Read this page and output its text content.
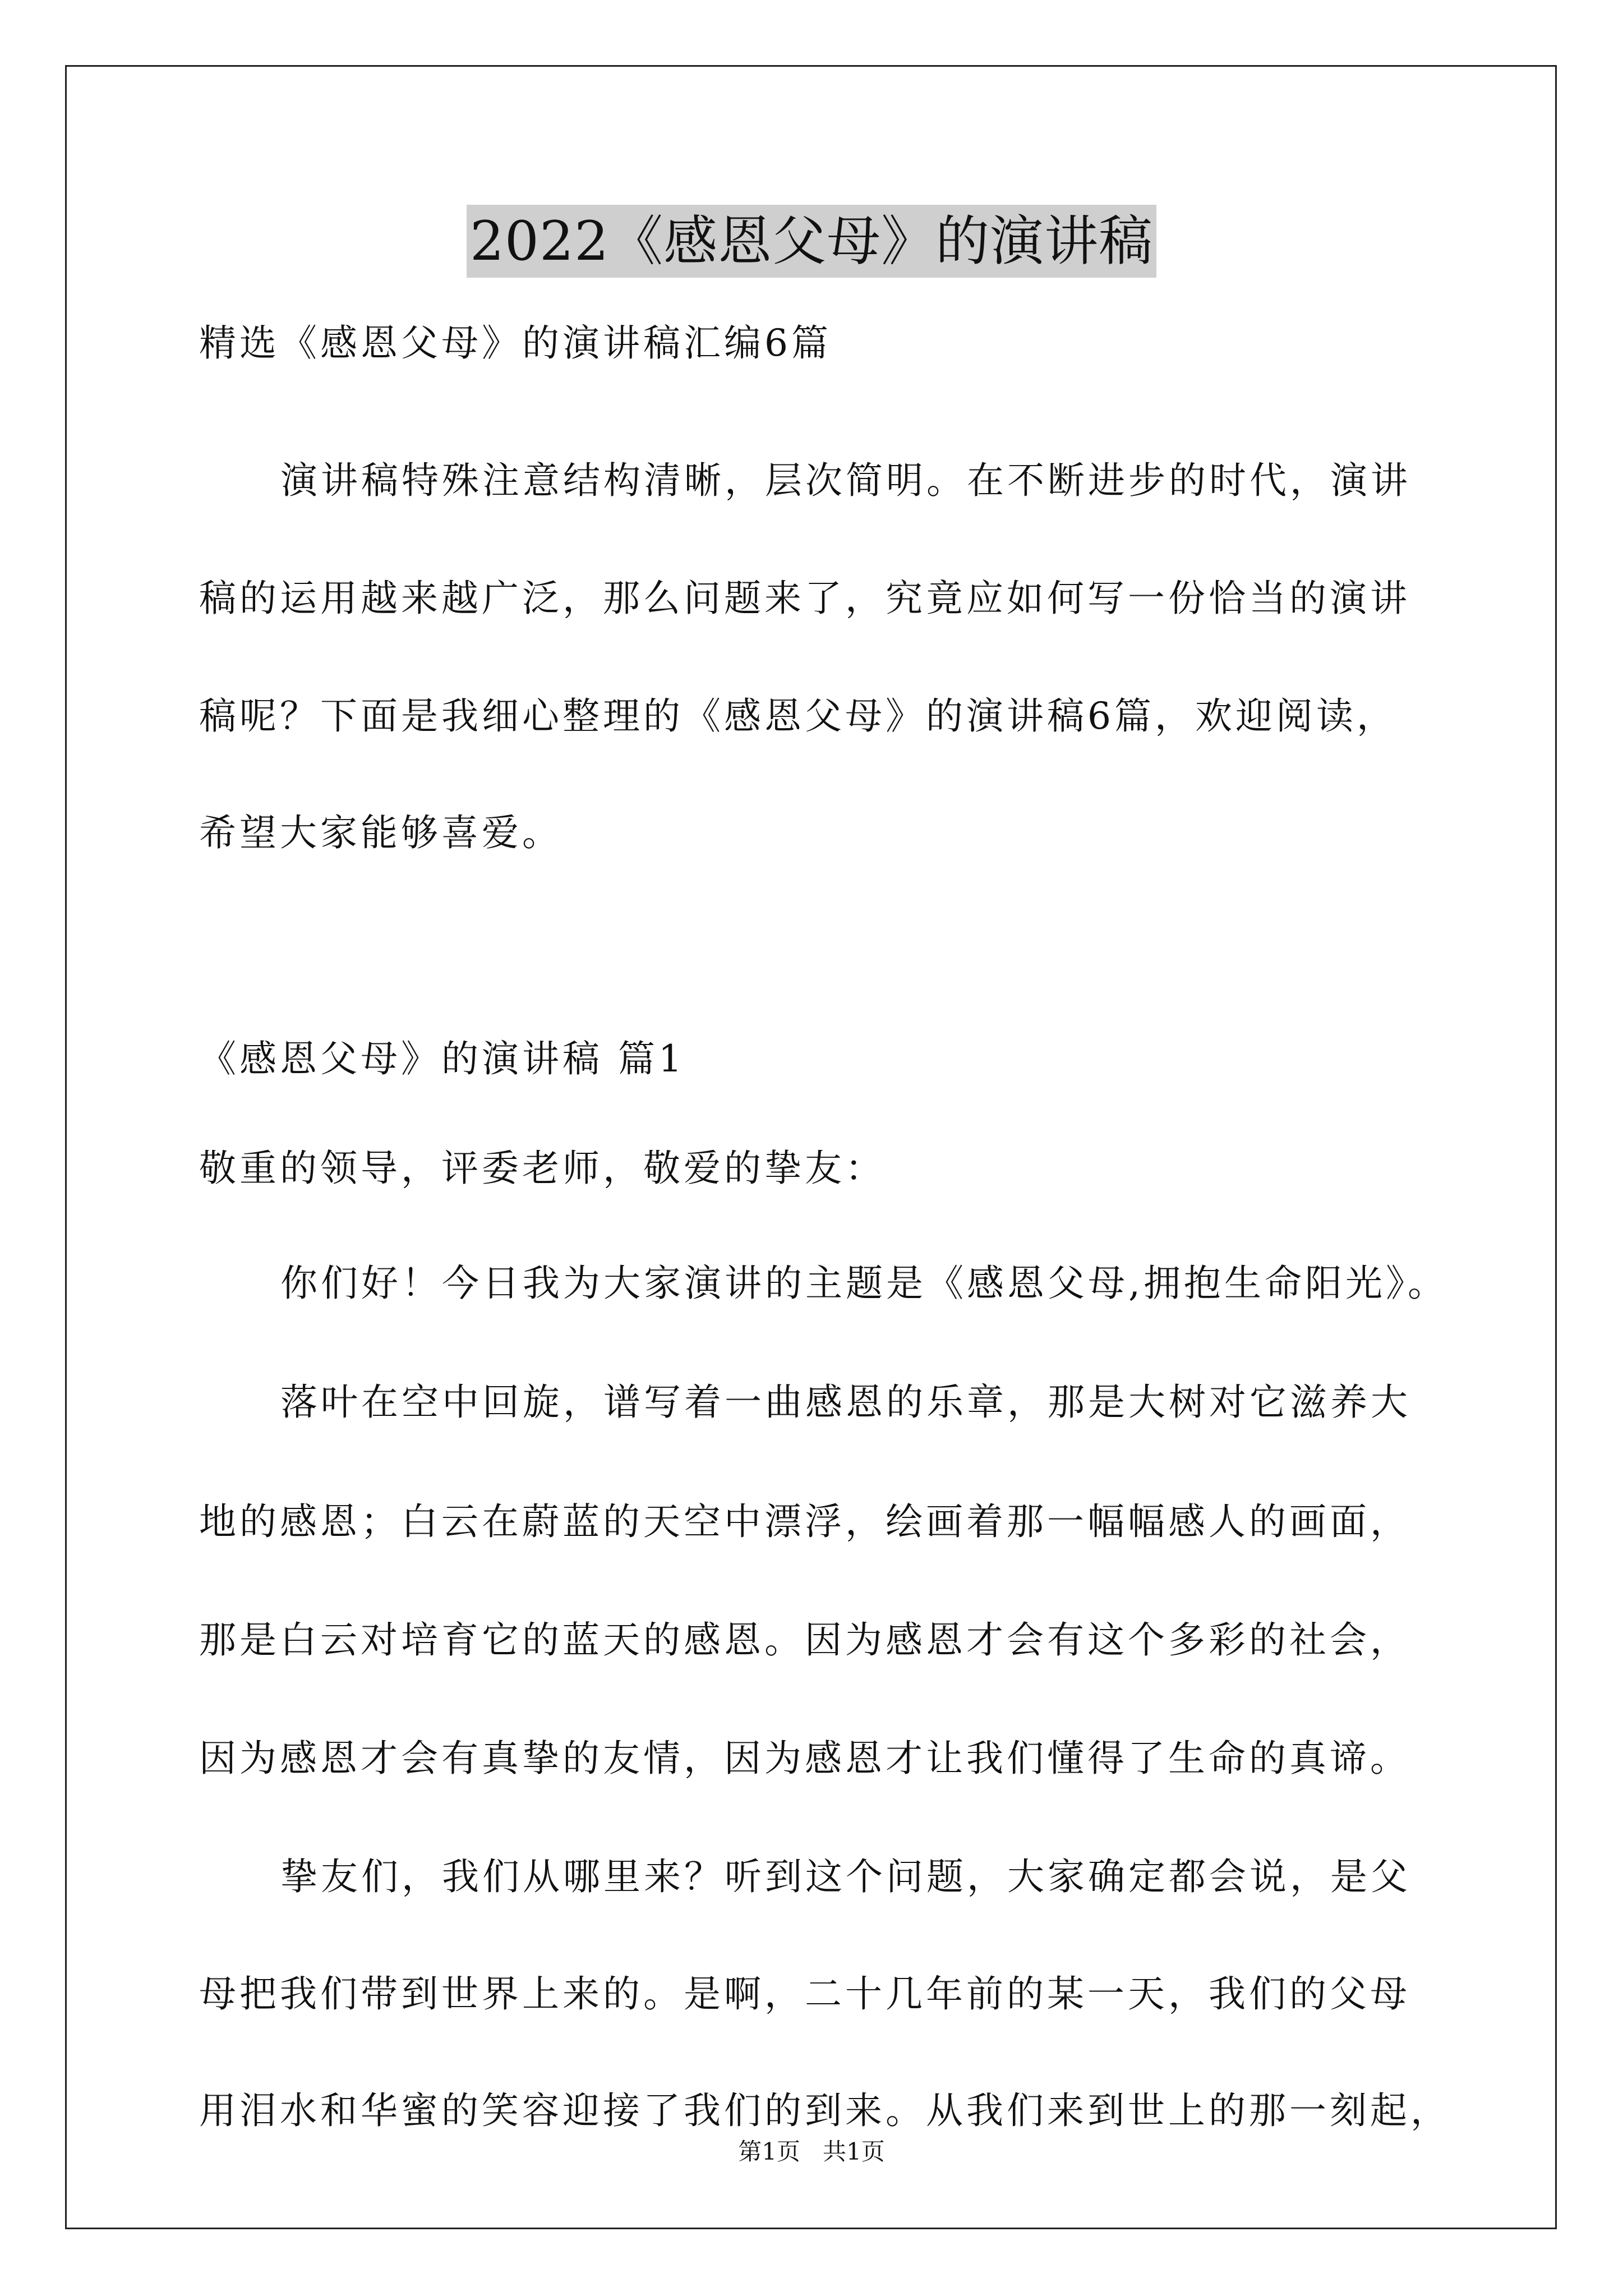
2022《感恩父母》的演讲稿
精选《感恩父母》的演讲稿汇编6篇
演讲稿特殊注意结构清晰，层次简明。在不断进步的时代，演讲
稿的运用越来越广泛，那么问题来了，究竟应如何写一份恰当的演讲
稿呢？下面是我细心整理的《感恩父母》的演讲稿6篇，欢迎阅读，
希望大家能够喜爱。
《感恩父母》的演讲稿 篇1
敬重的领导，评委老师，敬爱的挚友：
你们好！今日我为大家演讲的主题是《感恩父母,拥抱生命阳光》。
落叶在空中回旋，谱写着一曲感恩的乐章，那是大树对它滋养大
地的感恩；白云在蔚蓝的天空中漂浮，绘画着那一幅幅感人的画面，
那是白云对培育它的蓝天的感恩。因为感恩才会有这个多彩的社会，
因为感恩才会有真挚的友情，因为感恩才让我们懂得了生命的真谛。
挚友们，我们从哪里来？听到这个问题，大家确定都会说，是父
母把我们带到世界上来的。是啊，二十几年前的某一天，我们的父母
用泪水和华蜜的笑容迎接了我们的到来。从我们来到世上的那一刻起，
第1页   共1页
